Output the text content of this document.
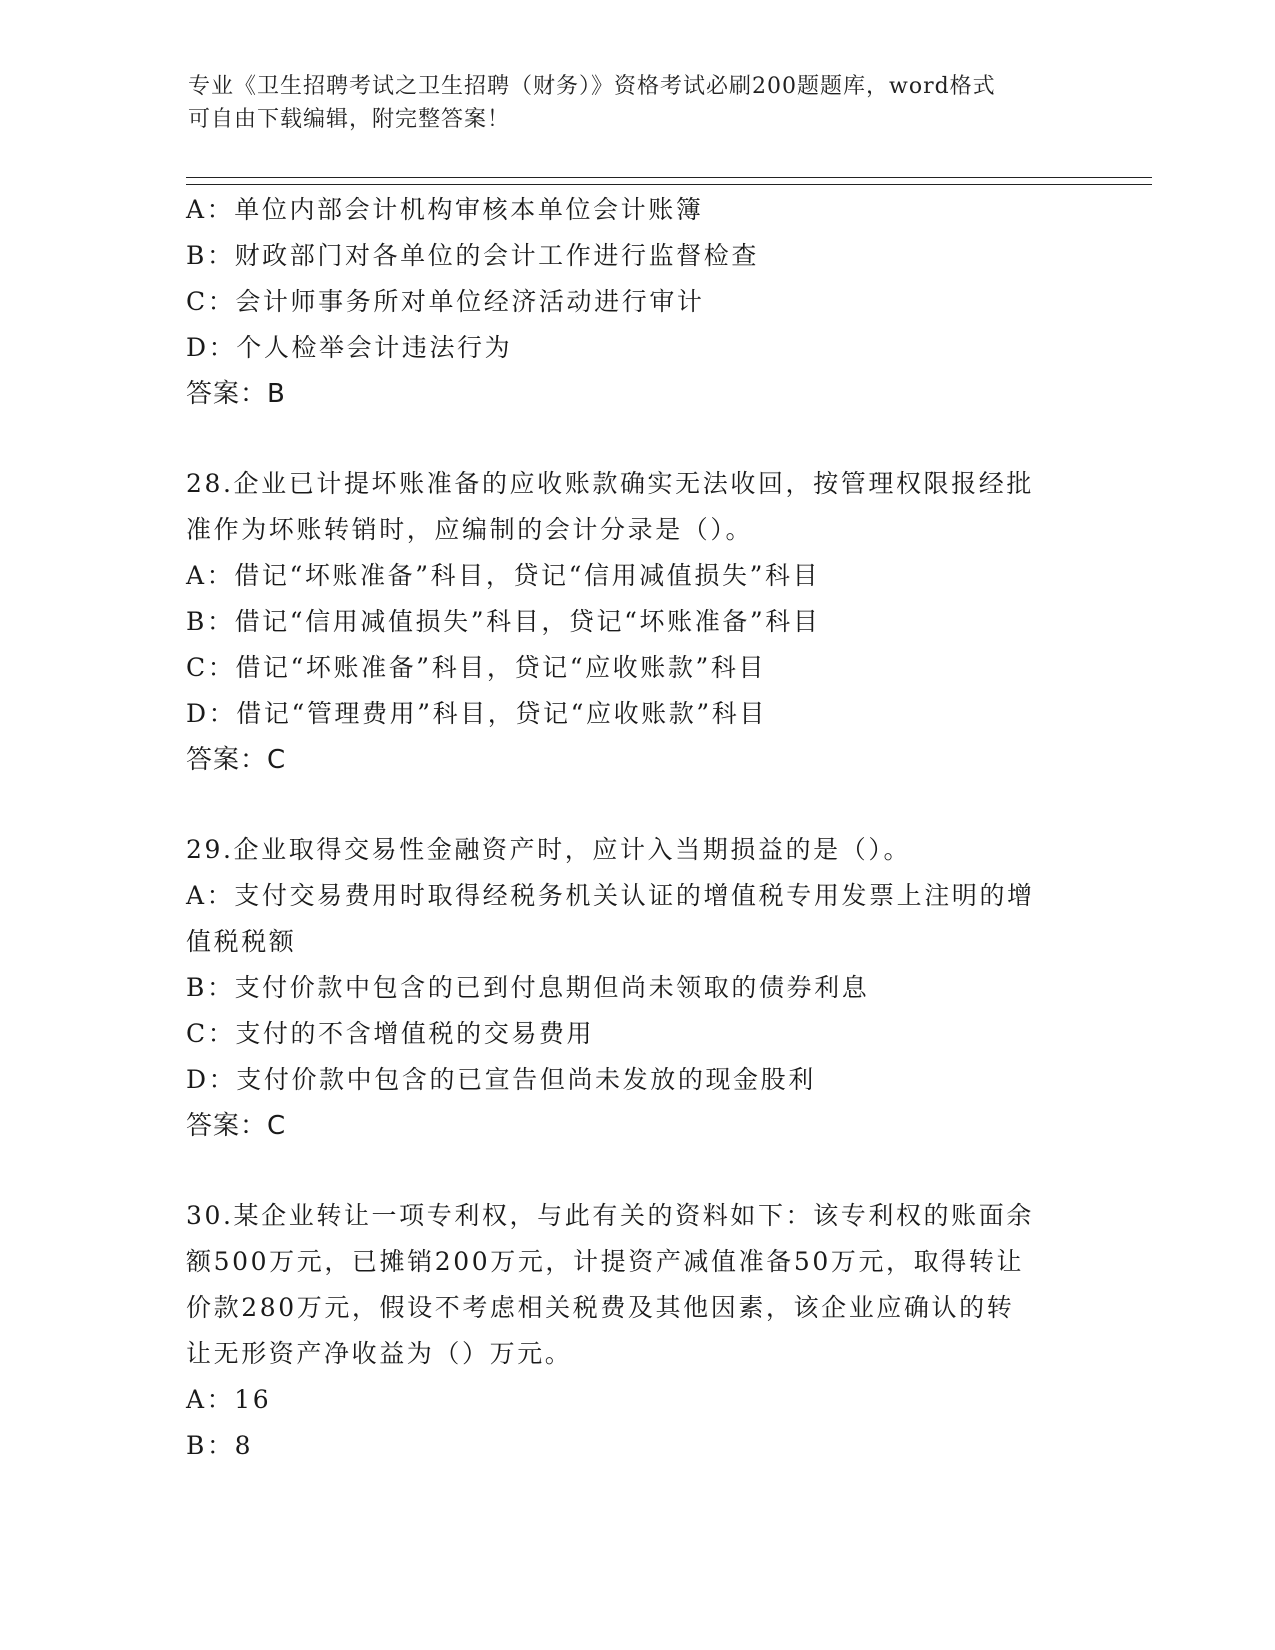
专业《卫生招聘考试之卫生招聘（财务）》资格考试必刷200题题库，word格式
可自由下载编辑，附完整答案！

A：单位内部会计机构审核本单位会计账簿

B：财政部门对各单位的会计工作进行监督检查

C：会计师事务所对单位经济活动进行审计

D：个人检举会计违法行为

答案：B

28.企业已计提坏账准备的应收账款确实无法收回，按管理权限报经批

准作为坏账转销时，应编制的会计分录是（）。

A：借记“坏账准备”科目，贷记“信用减值损失”科目

B：借记“信用减值损失”科目，贷记“坏账准备”科目

C：借记“坏账准备”科目，贷记“应收账款”科目

D：借记“管理费用”科目，贷记“应收账款”科目

答案：C

29.企业取得交易性金融资产时，应计入当期损益的是（）。

A：支付交易费用时取得经税务机关认证的增值税专用发票上注明的增

值税税额

B：支付价款中包含的已到付息期但尚未领取的债券利息

C：支付的不含增值税的交易费用

D：支付价款中包含的已宣告但尚未发放的现金股利

答案：C

30.某企业转让一项专利权，与此有关的资料如下：该专利权的账面余

额500万元，已摊销200万元，计提资产减值准备50万元，取得转让

价款280万元，假设不考虑相关税费及其他因素，该企业应确认的转

让无形资产净收益为（）万元。

A：16

B：8
